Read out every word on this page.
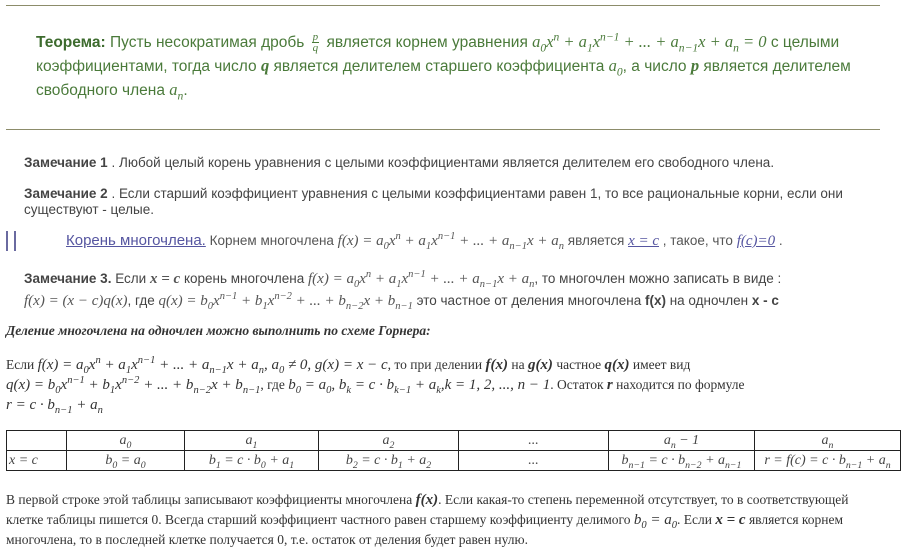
Теорема: Пусть несократимая дробь $\frac{p}{q}$ является корнем уравнения $a_0x^n + a_1x^{n-1}$ + ... + $a_{n-1}x + a_n = 0$ с целыми коэффициентами, тогда число q является делителем старшего коэффициента $a_0$, а число p является делителем свободного члена $a_n$.
Замечание 1 . Любой целый корень уравнения с целыми коэффициентами является делителем его свободного члена.
Замечание 2 . Если старший коэффициент уравнения с целыми коэффициентами равен 1, то все рациональные корни, если они существуют - целые.
Корень многочлена. Корнем многочлена $f(x) = a_0x^n + a_1x^{n-1}$ + ... + $a_{n-1}x + a_n$ является x = c , такое, что f(c)=0 .
Замечание 3. Если x = c корень многочлена $f(x) = a_0x^n + a_1x^{n-1}$ + ... + $a_{n-1}x + a_n$, то многочлен можно записать в виде :
f(x) = (x − c)q(x), где $q(x) = b_0x^{n-1} + b_1x^{n-2}$ + ... + $b_{n-2}x + b_{n-1}$ это частное от деления многочлена f(x) на одночлен x - c
Деление многочлена на одночлен можно выполнить по схеме Горнера:
Если $f(x) = a_0x^n + a_1x^{n-1}$ + ... + $a_{n-1}x + a_n$, $a_0 \ne 0$, g(x) = x − c, то при делении f(x) на g(x) частное q(x) имеет вид
$q(x) = b_0x^{n-1} + b_1x^{n-2}$ + ... + $b_{n-2}x + b_{n-1}$, где $b_0 = a_0$, $b_k = c \cdot b_{k-1} + a_k,k = 1$, 2, ..., n − 1. Остаток r находится по формуле
$r = c \cdot b_{n-1} + a_n$
	$a_0$	$a_1$	$a_2$	...	$a_n - 1$	$a_n$
x = c	$b_0 = a_0$	$b_1 = c \cdot b_0 + a_1$	$b_2 = c \cdot b_1 + a_2$	...	$b_{n-1} = c \cdot b_{n-2} + a_{n-1}$	$r = f(c) = c \cdot b_{n-1} + a_n$
В первой строке этой таблицы записывают коэффициенты многочлена f(x). Если какая-то степень переменной отсутствует, то в соответствующей клетке таблицы пишется 0. Всегда старший коэффициент частного равен старшему коэффициенту делимого $b_0 = a_0$. Если x = c является корнем многочлена, то в последней клетке получается 0, т.е. остаток от деления будет равен нулю.
